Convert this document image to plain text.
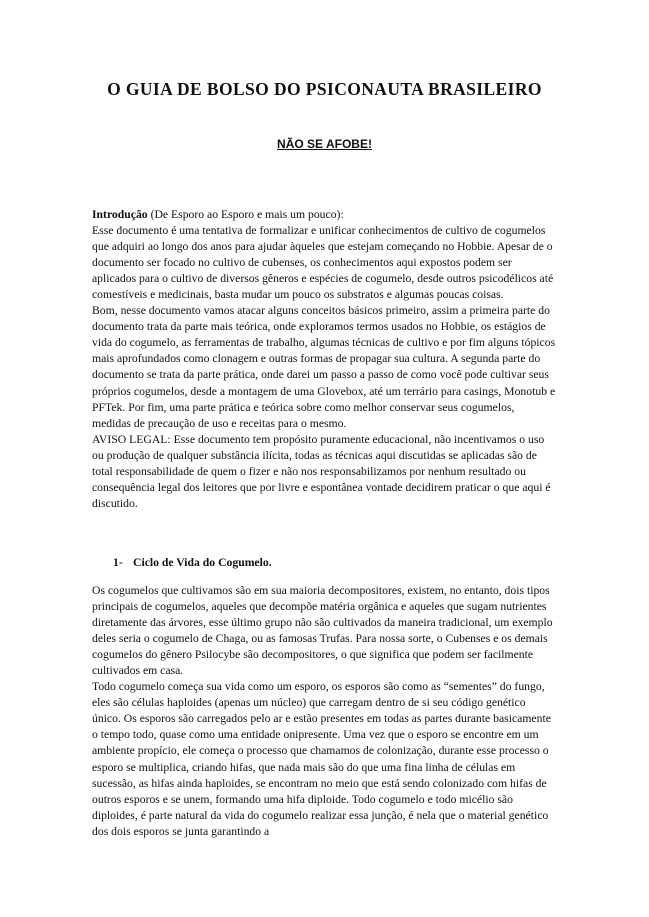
O GUIA DE BOLSO DO PSICONAUTA BRASILEIRO
NÃO SE AFOBE!

Introdução (De Esporo ao Esporo e mais um pouco):

Esse documento é uma tentativa de formalizar e unificar conhecimentos de cultivo de cogumelos que adquiri ao longo dos anos para ajudar àqueles que estejam começando no Hobbie. Apesar de o documento ser focado no cultivo de cubenses, os conhecimentos aqui expostos podem ser aplicados para o cultivo de diversos gêneros e espécies de cogumelo, desde outros psicodélicos até comestíveis e medicinais, basta mudar um pouco os substratos e algumas poucas coisas.

Bom, nesse documento vamos atacar alguns conceitos básicos primeiro, assim a primeira parte do documento trata da parte mais teórica, onde exploramos termos usados no Hobbie, os estágios de vida do cogumelo, as ferramentas de trabalho, algumas técnicas de cultivo e por fim alguns tópicos mais aprofundados como clonagem e outras formas de propagar sua cultura. A segunda parte do documento se trata da parte prática, onde darei um passo a passo de como você pode cultivar seus próprios cogumelos, desde a montagem de uma Glovebox, até um terrário para casings, Monotub e PFTek. Por fim, uma parte prática e teórica sobre como melhor conservar seus cogumelos, medidas de precaução de uso e receitas para o mesmo.

AVISO LEGAL: Esse documento tem propósito puramente educacional, não incentivamos o uso ou produção de qualquer substância ilícita, todas as técnicas aqui discutidas se aplicadas são de total responsabilidade de quem o fizer e não nos responsabilizamos por nenhum resultado ou consequência legal dos leitores que por livre e espontânea vontade decidirem praticar o que aqui é discutido.

1- Ciclo de Vida do Cogumelo.

Os cogumelos que cultivamos são em sua maioria decompositores, existem, no entanto, dois tipos principais de cogumelos, aqueles que decompõe matéria orgânica e aqueles que sugam nutrientes diretamente das árvores, esse último grupo não são cultivados da maneira tradicional, um exemplo deles seria o cogumelo de Chaga, ou as famosas Trufas. Para nossa sorte, o Cubenses e os demais cogumelos do gênero Psilocybe são decompositores, o que significa que podem ser facilmente cultivados em casa.

Todo cogumelo começa sua vida como um esporo, os esporos são como as “sementes” do fungo, eles são células haploides (apenas um núcleo) que carregam dentro de si seu código genético único. Os esporos são carregados pelo ar e estão presentes em todas as partes durante basicamente o tempo todo, quase como uma entidade onipresente. Uma vez que o esporo se encontre em um ambiente propício, ele começa o processo que chamamos de colonização, durante esse processo o esporo se multiplica, criando hifas, que nada mais são do que uma fina linha de células em sucessão, as hifas ainda haploides, se encontram no meio que está sendo colonizado com hifas de outros esporos e se unem, formando uma hifa diploide. Todo cogumelo e todo micélio são diploides, é parte natural da vida do cogumelo realizar essa junção, é nela que o material genético dos dois esporos se junta garantindo a
